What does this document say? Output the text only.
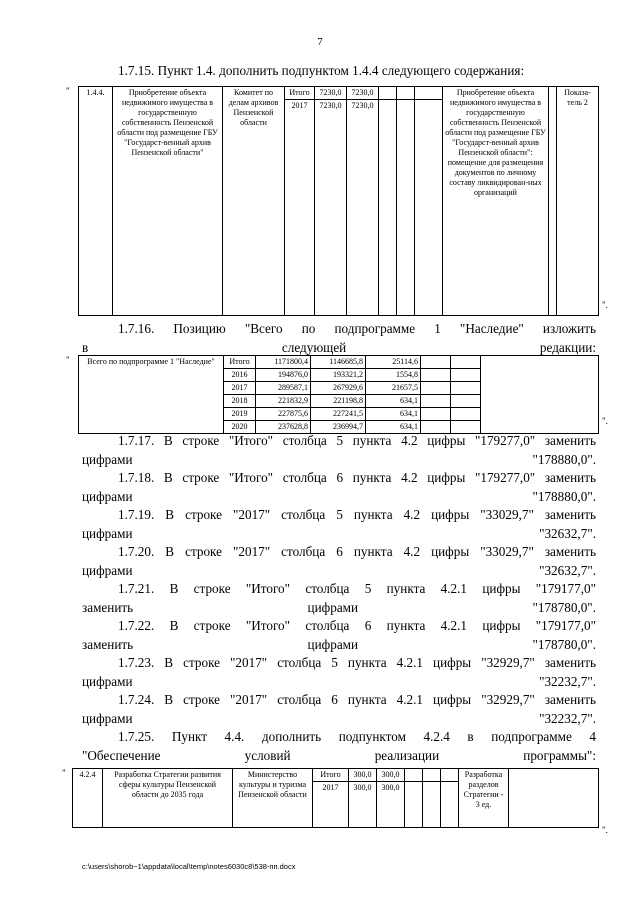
7

1.7.15. Пункт 1.4. дополнить подпунктом 1.4.4 следующего содержания:

" 1.4.4.	Приобретение объекта недвижимого имущества в государственную собственность Пензенской области под размещение ГБУ "Государст-венный архив Пензенской области"	Комитет по делам архивов Пензенской области	Итого	7230,0	7230,0				Приобретение объекта недвижимого имущества в государственную собственность Пензенской области под размещение ГБУ "Государст-венный архив Пензенской области": помещение для размещения документов по личному составу ликвидирован-ных организаций		Показа-тель 2
			2017	7230,0	7230,0						
".

1.7.16. Позицию "Всего по подпрограмме 1 "Наследие" изложить
в следующей редакции:

" Всего по подпрограмме 1 "Наследие"	Итого	1171800,4	1146685,8	25114,6			
	2016	194876,0	193321,2	1554,8			
	2017	289587,1	267929,6	21657,5			
	2018	221832,9	221198,8	634,1			
	2019	227875,6	227241,5	634,1			
	2020	237628,8	236994,7	634,1			
".

1.7.17. В строке "Итого" столбца 5 пункта 4.2 цифры "179277,0" заменить
цифрами "178880,0".

1.7.18. В строке "Итого" столбца 6 пункта 4.2 цифры "179277,0" заменить
цифрами "178880,0".

1.7.19. В строке "2017" столбца 5 пункта 4.2 цифры "33029,7" заменить
цифрами "32632,7".

1.7.20. В строке "2017" столбца 6 пункта 4.2 цифры "33029,7" заменить
цифрами "32632,7".

1.7.21. В строке "Итого" столбца 5 пункта 4.2.1 цифры "179177,0"
заменить цифрами "178780,0".

1.7.22. В строке "Итого" столбца 6 пункта 4.2.1 цифры "179177,0"
заменить цифрами "178780,0".

1.7.23. В строке "2017" столбца 5 пункта 4.2.1 цифры "32929,7" заменить
цифрами "32232,7".

1.7.24. В строке "2017" столбца 6 пункта 4.2.1 цифры "32929,7" заменить
цифрами "32232,7".

1.7.25. Пункт 4.4. дополнить подпунктом 4.2.4 в подпрограмме 4
"Обеспечение условий реализации программы":

" 4.2.4	Разработка Стратегии развития сферы культуры Пензенской области до 2035 года	Министерство культуры и туризма Пензенской области	Итого	300,0	300,0				Разработка разделов Стратегии - 3 ед.	
			2017	300,0	300,0					
".
c:\users\shorob~1\appdata\local\temp\notes6030c8\538-пп.docx
